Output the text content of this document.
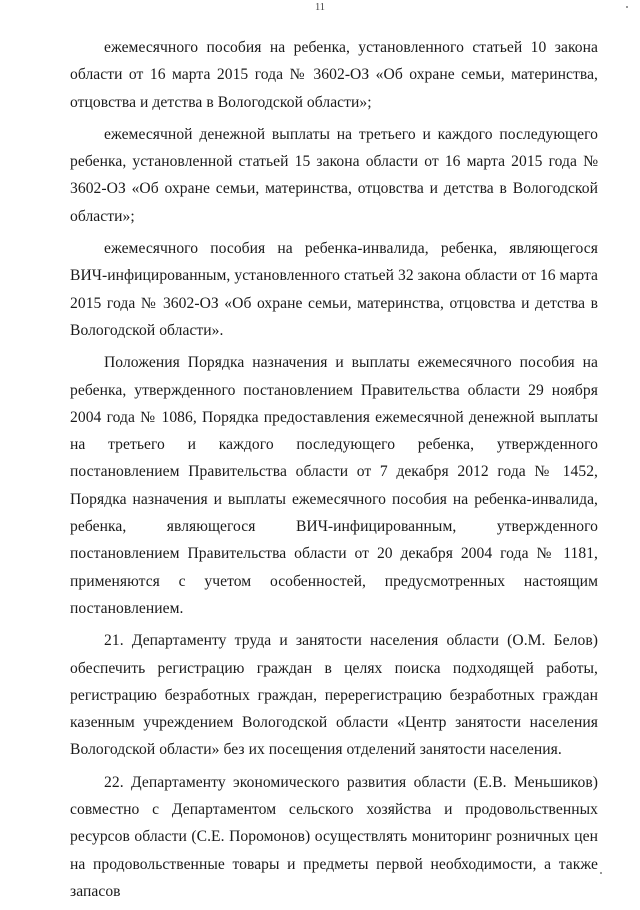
11

ежемесячного пособия на ребенка, установленного статьей 10 закона области от 16 марта 2015 года № 3602-ОЗ «Об охране семьи, материнства, отцовства и детства в Вологодской области»;

ежемесячной денежной выплаты на третьего и каждого последующего ребенка, установленной статьей 15 закона области от 16 марта 2015 года № 3602-ОЗ «Об охране семьи, материнства, отцовства и детства в Вологодской области»;

ежемесячного пособия на ребенка-инвалида, ребенка, являющегося ВИЧ-инфицированным, установленного статьей 32 закона области от 16 марта 2015 года № 3602-ОЗ «Об охране семьи, материнства, отцовства и детства в Вологодской области».

Положения Порядка назначения и выплаты ежемесячного пособия на ребенка, утвержденного постановлением Правительства области 29 ноября 2004 года № 1086, Порядка предоставления ежемесячной денежной выплаты на третьего и каждого последующего ребенка, утвержденного постановлением Правительства области от 7 декабря 2012 года № 1452, Порядка назначения и выплаты ежемесячного пособия на ребенка-инвалида, ребенка, являющегося ВИЧ-инфицированным, утвержденного постановлением Правительства области от 20 декабря 2004 года № 1181, применяются с учетом особенностей, предусмотренных настоящим постановлением.

21. Департаменту труда и занятости населения области (О.М. Белов) обеспечить регистрацию граждан в целях поиска подходящей работы, регистрацию безработных граждан, перерегистрацию безработных граждан казенным учреждением Вологодской области «Центр занятости населения Вологодской области» без их посещения отделений занятости населения.

22. Департаменту экономического развития области (Е.В. Меньшиков) совместно с Департаментом сельского хозяйства и продовольственных ресурсов области (С.Е. Поромонов) осуществлять мониторинг розничных цен на продовольственные товары и предметы первой необходимости, а также запасов
